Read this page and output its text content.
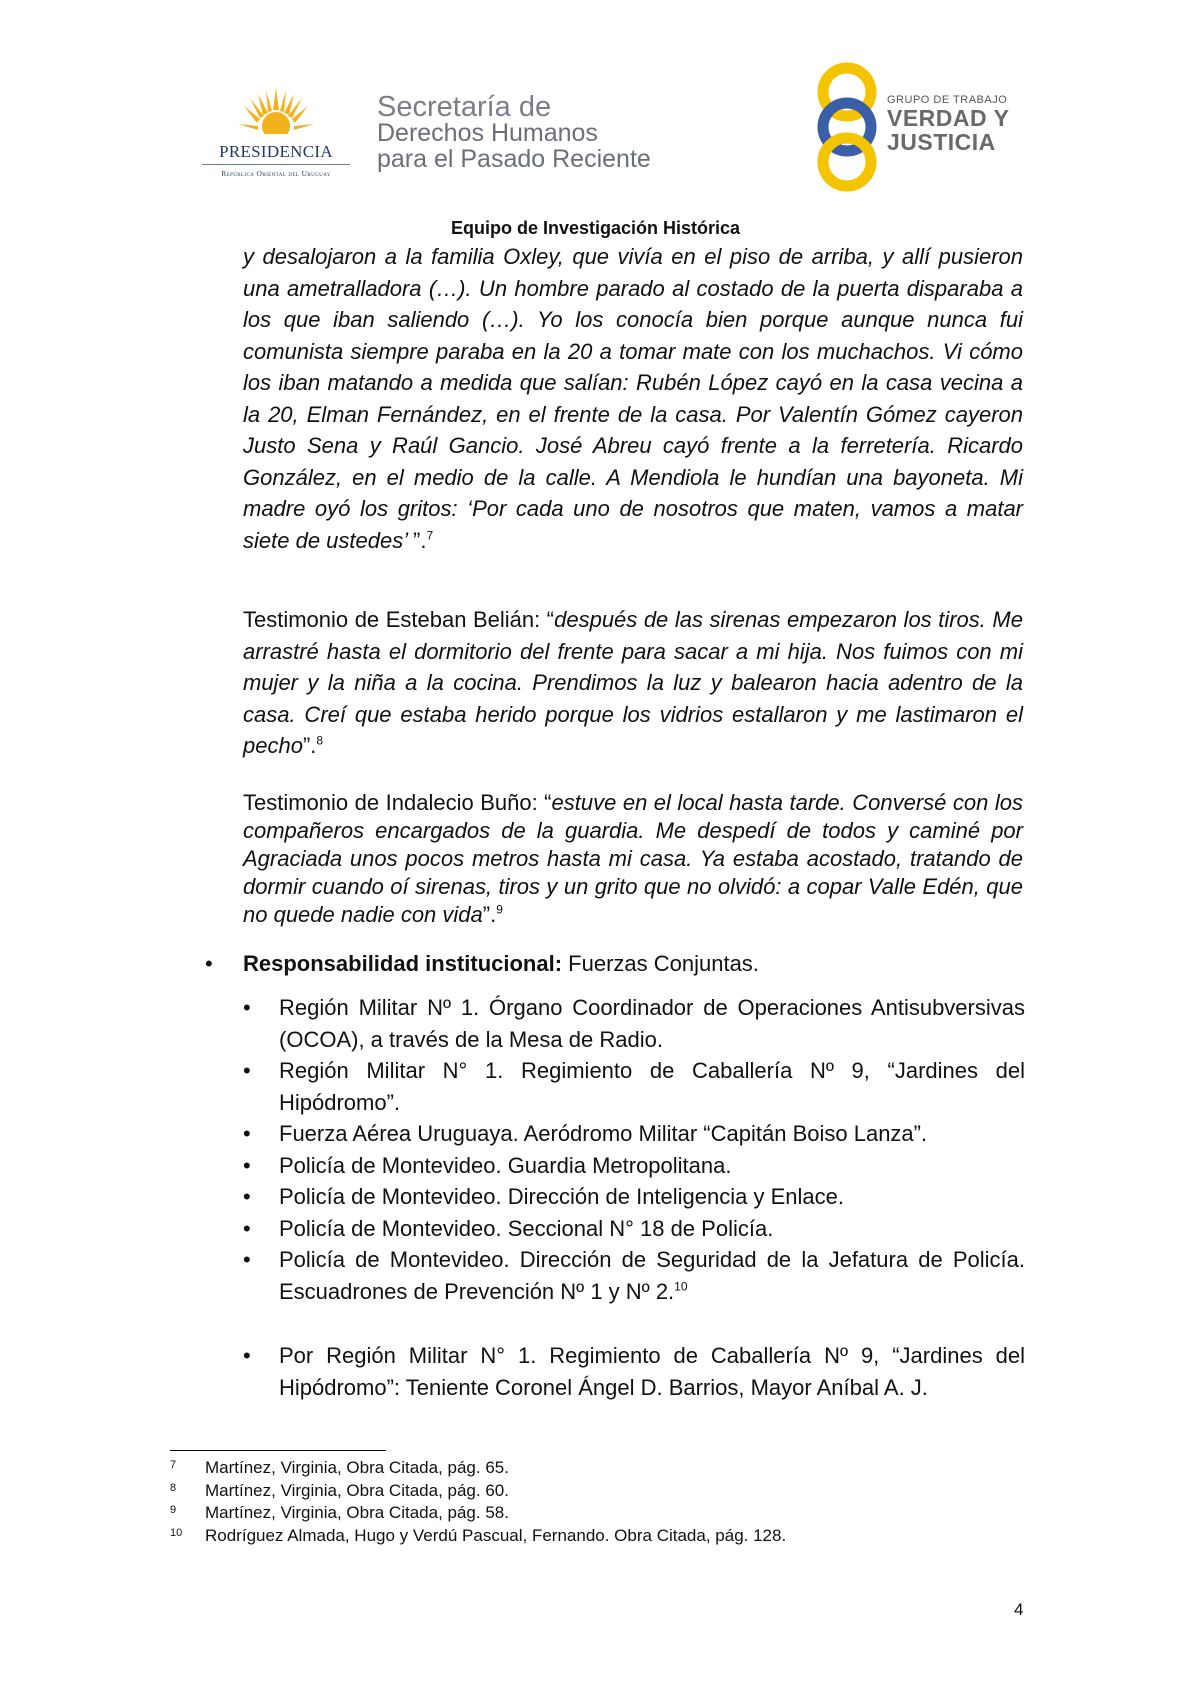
PRESIDENCIA
República Oriental del Uruguay
Secretaría de
Derechos Humanos
para el Pasado Reciente
GRUPO DE TRABAJO
VERDAD Y
JUSTICIA
Equipo de Investigación Histórica

y desalojaron a la familia Oxley, que vivía en el piso de arriba, y allí pusieron una ametralladora (…). Un hombre parado al costado de la puerta disparaba a los que iban saliendo (…). Yo los conocía bien porque aunque nunca fui comunista siempre paraba en la 20 a tomar mate con los muchachos. Vi cómo los iban matando a medida que salían: Rubén López cayó en la casa vecina a la 20, Elman Fernández, en el frente de la casa. Por Valentín Gómez cayeron Justo Sena y Raúl Gancio. José Abreu cayó frente a la ferretería. Ricardo González, en el medio de la calle. A Mendiola le hundían una bayoneta. Mi madre oyó los gritos: ‘Por cada uno de nosotros que maten, vamos a matar siete de ustedes’ ”.$^7$

Testimonio de Esteban Belián: “después de las sirenas empezaron los tiros. Me arrastré hasta el dormitorio del frente para sacar a mi hija. Nos fuimos con mi mujer y la niña a la cocina. Prendimos la luz y balearon hacia adentro de la casa. Creí que estaba herido porque los vidrios estallaron y me lastimaron el pecho”.$^8$

Testimonio de Indalecio Buño: “estuve en el local hasta tarde. Conversé con los compañeros encargados de la guardia. Me despedí de todos y caminé por Agraciada unos pocos metros hasta mi casa. Ya estaba acostado, tratando de dormir cuando oí sirenas, tiros y un grito que no olvidó: a copar Valle Edén, que no quede nadie con vida”.$^9$

• Responsabilidad institucional: Fuerzas Conjuntas.
• Región Militar Nº 1. Órgano Coordinador de Operaciones Antisubversivas (OCOA), a través de la Mesa de Radio.
• Región Militar N° 1. Regimiento de Caballería Nº 9, “Jardines del Hipódromo”.
• Fuerza Aérea Uruguaya. Aeródromo Militar “Capitán Boiso Lanza”.
• Policía de Montevideo. Guardia Metropolitana.
• Policía de Montevideo. Dirección de Inteligencia y Enlace.
• Policía de Montevideo. Seccional N° 18 de Policía.
• Policía de Montevideo. Dirección de Seguridad de la Jefatura de Policía. Escuadrones de Prevención Nº 1 y Nº 2.10
• Por Región Militar N° 1. Regimiento de Caballería Nº 9, “Jardines del Hipódromo”: Teniente Coronel Ángel D. Barrios, Mayor Aníbal A. J.
7 Martínez, Virginia, Obra Citada, pág. 65.
8 Martínez, Virginia, Obra Citada, pág. 60.
9 Martínez, Virginia, Obra Citada, pág. 58.
10 Rodríguez Almada, Hugo y Verdú Pascual, Fernando. Obra Citada, pág. 128.
4
